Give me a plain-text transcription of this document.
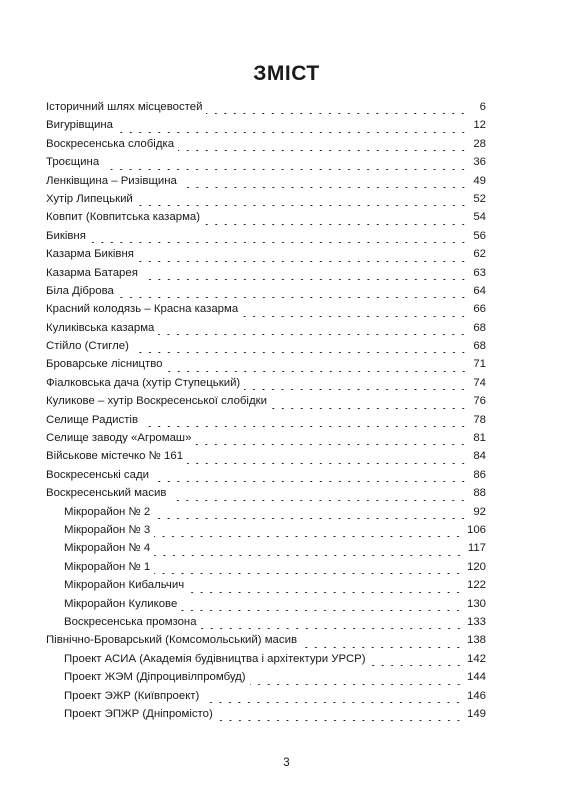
ЗМІСТ
Історичний шлях місцевостей	6
Вигурівщина	12
Воскресенська слобідка	28
Троєщина	36
Ленківщина – Ризівщина	49
Хутір Липецький	52
Ковпит (Ковпитська казарма)	54
Биківня	56
Казарма Биківня	62
Казарма Батарея	63
Біла Діброва	64
Красний колодязь – Красна казарма	66
Куликівська казарма	68
Стійло (Стигле)	68
Броварське лісництво	71
Фіалковська дача (хутір Ступецький)	74
Куликове – хутір Воскресенської слобідки	76
Селище Радистів	78
Селище заводу «Агромаш»	81
Військове містечко № 161	84
Воскресенські сади	86
Воскресенський масив	88
Мікрорайон № 2	92
Мікрорайон № 3	106
Мікрорайон № 4	117
Мікрорайон № 1	120
Мікрорайон Кибальчич	122
Мікрорайон Куликове	130
Воскресенська промзона	133
Північно-Броварський (Комсомольський) масив	138
Проект АСИА (Академія будівництва і архітектури УРСР)	142
Проект ЖЭМ (Діпроцивілпромбуд)	144
Проект ЭЖР (Київпроект)	146
Проект ЭПЖР (Дніпромісто)	149
3
